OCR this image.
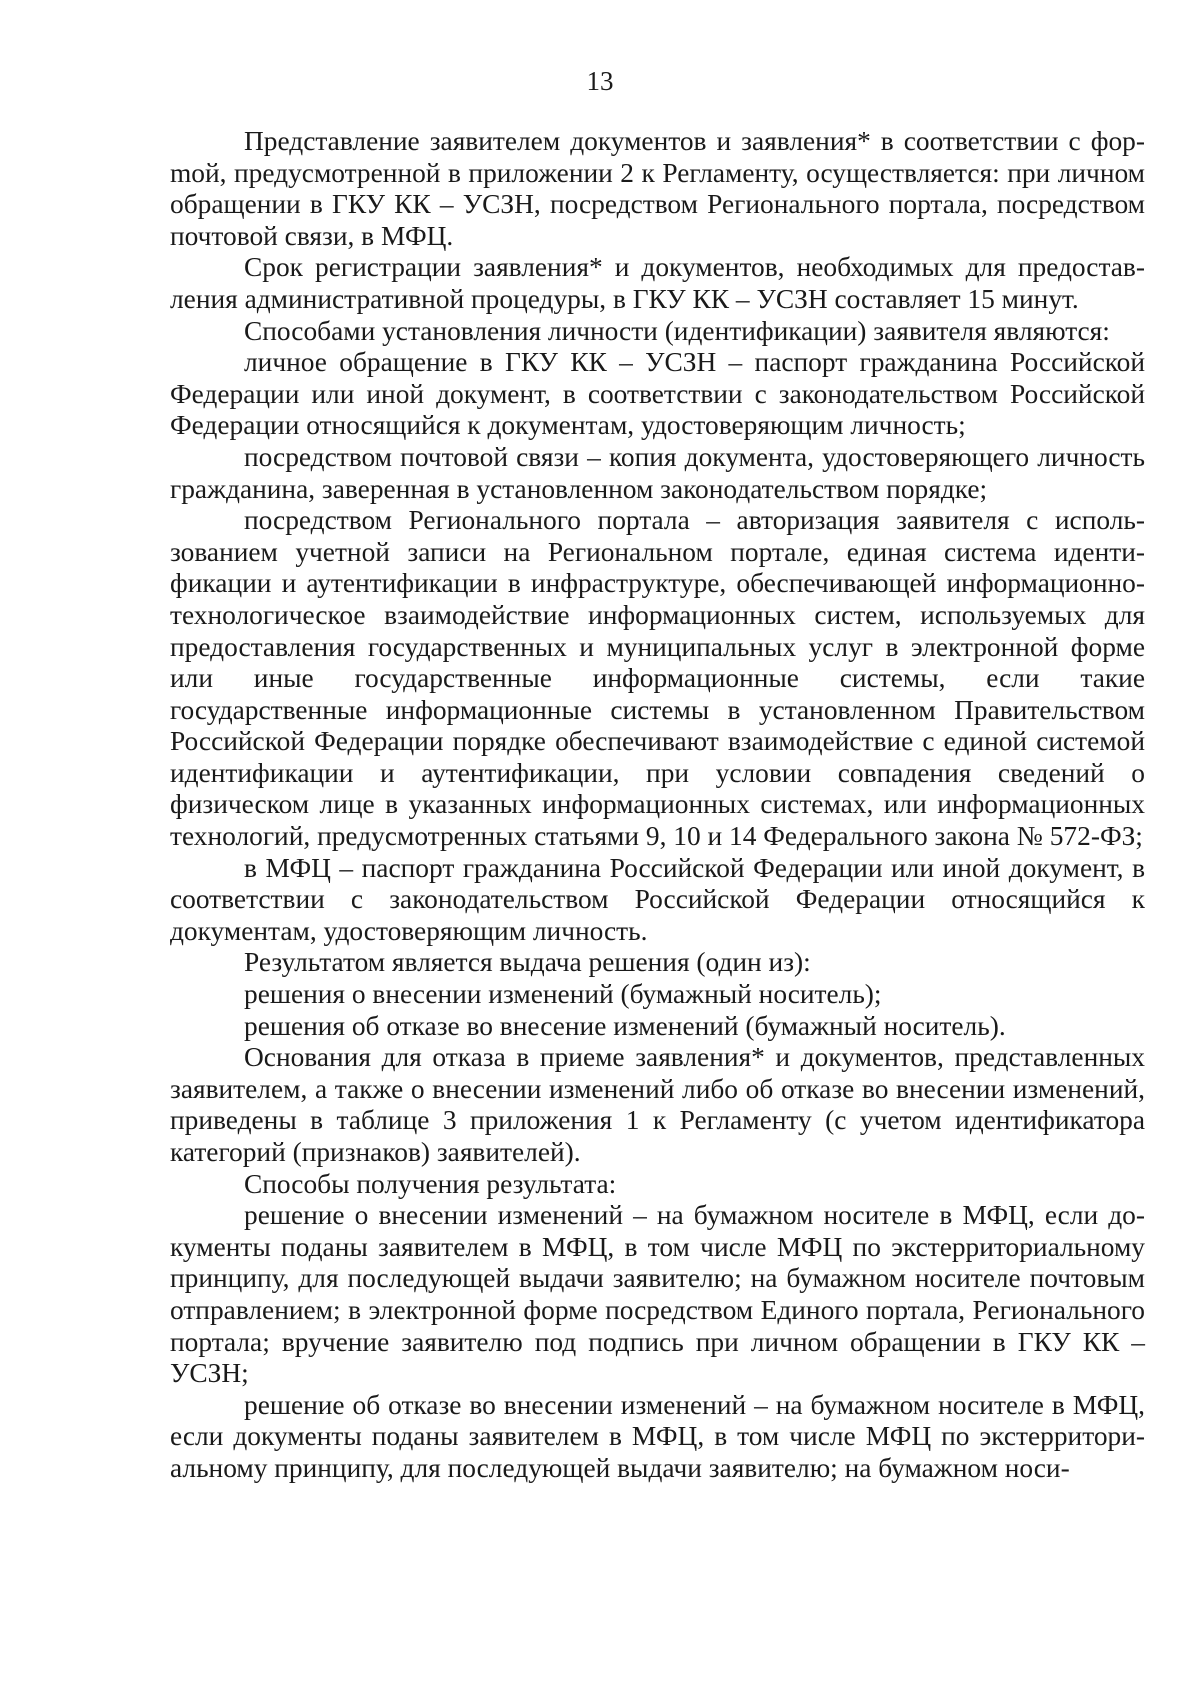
13

Представление заявителем документов и заявления* в соответствии с форmой, предусмотренной в приложении 2 к Регламенту, осуществляется: при личном обращении в ГКУ КК – УСЗН, посредством Регионального портала, посредством почтовой связи, в МФЦ.

Срок регистрации заявления* и документов, необходимых для предоставления административной процедуры, в ГКУ КК – УСЗН составляет 15 минут.

Способами установления личности (идентификации) заявителя являются:

личное обращение в ГКУ КК – УСЗН – паспорт гражданина Российской Федерации или иной документ, в соответствии с законодательством Российской Федерации относящийся к документам, удостоверяющим личность;

посредством почтовой связи – копия документа, удостоверяющего личность гражданина, заверенная в установленном законодательством порядке;

посредством Регионального портала – авторизация заявителя с использованием учетной записи на Региональном портале, единая система идентификации и аутентификации в инфраструктуре, обеспечивающей информационно-технологическое взаимодействие информационных систем, используемых для предоставления государственных и муниципальных услуг в электронной форме или иные государственные информационные системы, если такие государственные информационные системы в установленном Правительством Российской Федерации порядке обеспечивают взаимодействие с единой системой идентификации и аутентификации, при условии совпадения сведений о физическом лице в указанных информационных системах, или информационных технологий, предусмотренных статьями 9, 10 и 14 Федерального закона № 572-ФЗ;

в МФЦ – паспорт гражданина Российской Федерации или иной документ, в соответствии с законодательством Российской Федерации относящийся к документам, удостоверяющим личность.

Результатом является выдача решения (один из):

решения о внесении изменений (бумажный носитель);

решения об отказе во внесение изменений (бумажный носитель).

Основания для отказа в приеме заявления* и документов, представленных заявителем, а также о внесении изменений либо об отказе во внесении изменений, приведены в таблице 3 приложения 1 к Регламенту (с учетом идентификатора категорий (признаков) заявителей).

Способы получения результата:

решение о внесении изменений – на бумажном носителе в МФЦ, если документы поданы заявителем в МФЦ, в том числе МФЦ по экстерриториальному принципу, для последующей выдачи заявителю; на бумажном носителе почтовым отправлением; в электронной форме посредством Единого портала, Регионального портала; вручение заявителю под подпись при личном обращении в ГКУ КК – УСЗН;

решение об отказе во внесении изменений – на бумажном носителе в МФЦ, если документы поданы заявителем в МФЦ, в том числе МФЦ по экстерриториальному принципу, для последующей выдачи заявителю; на бумажном носи-
